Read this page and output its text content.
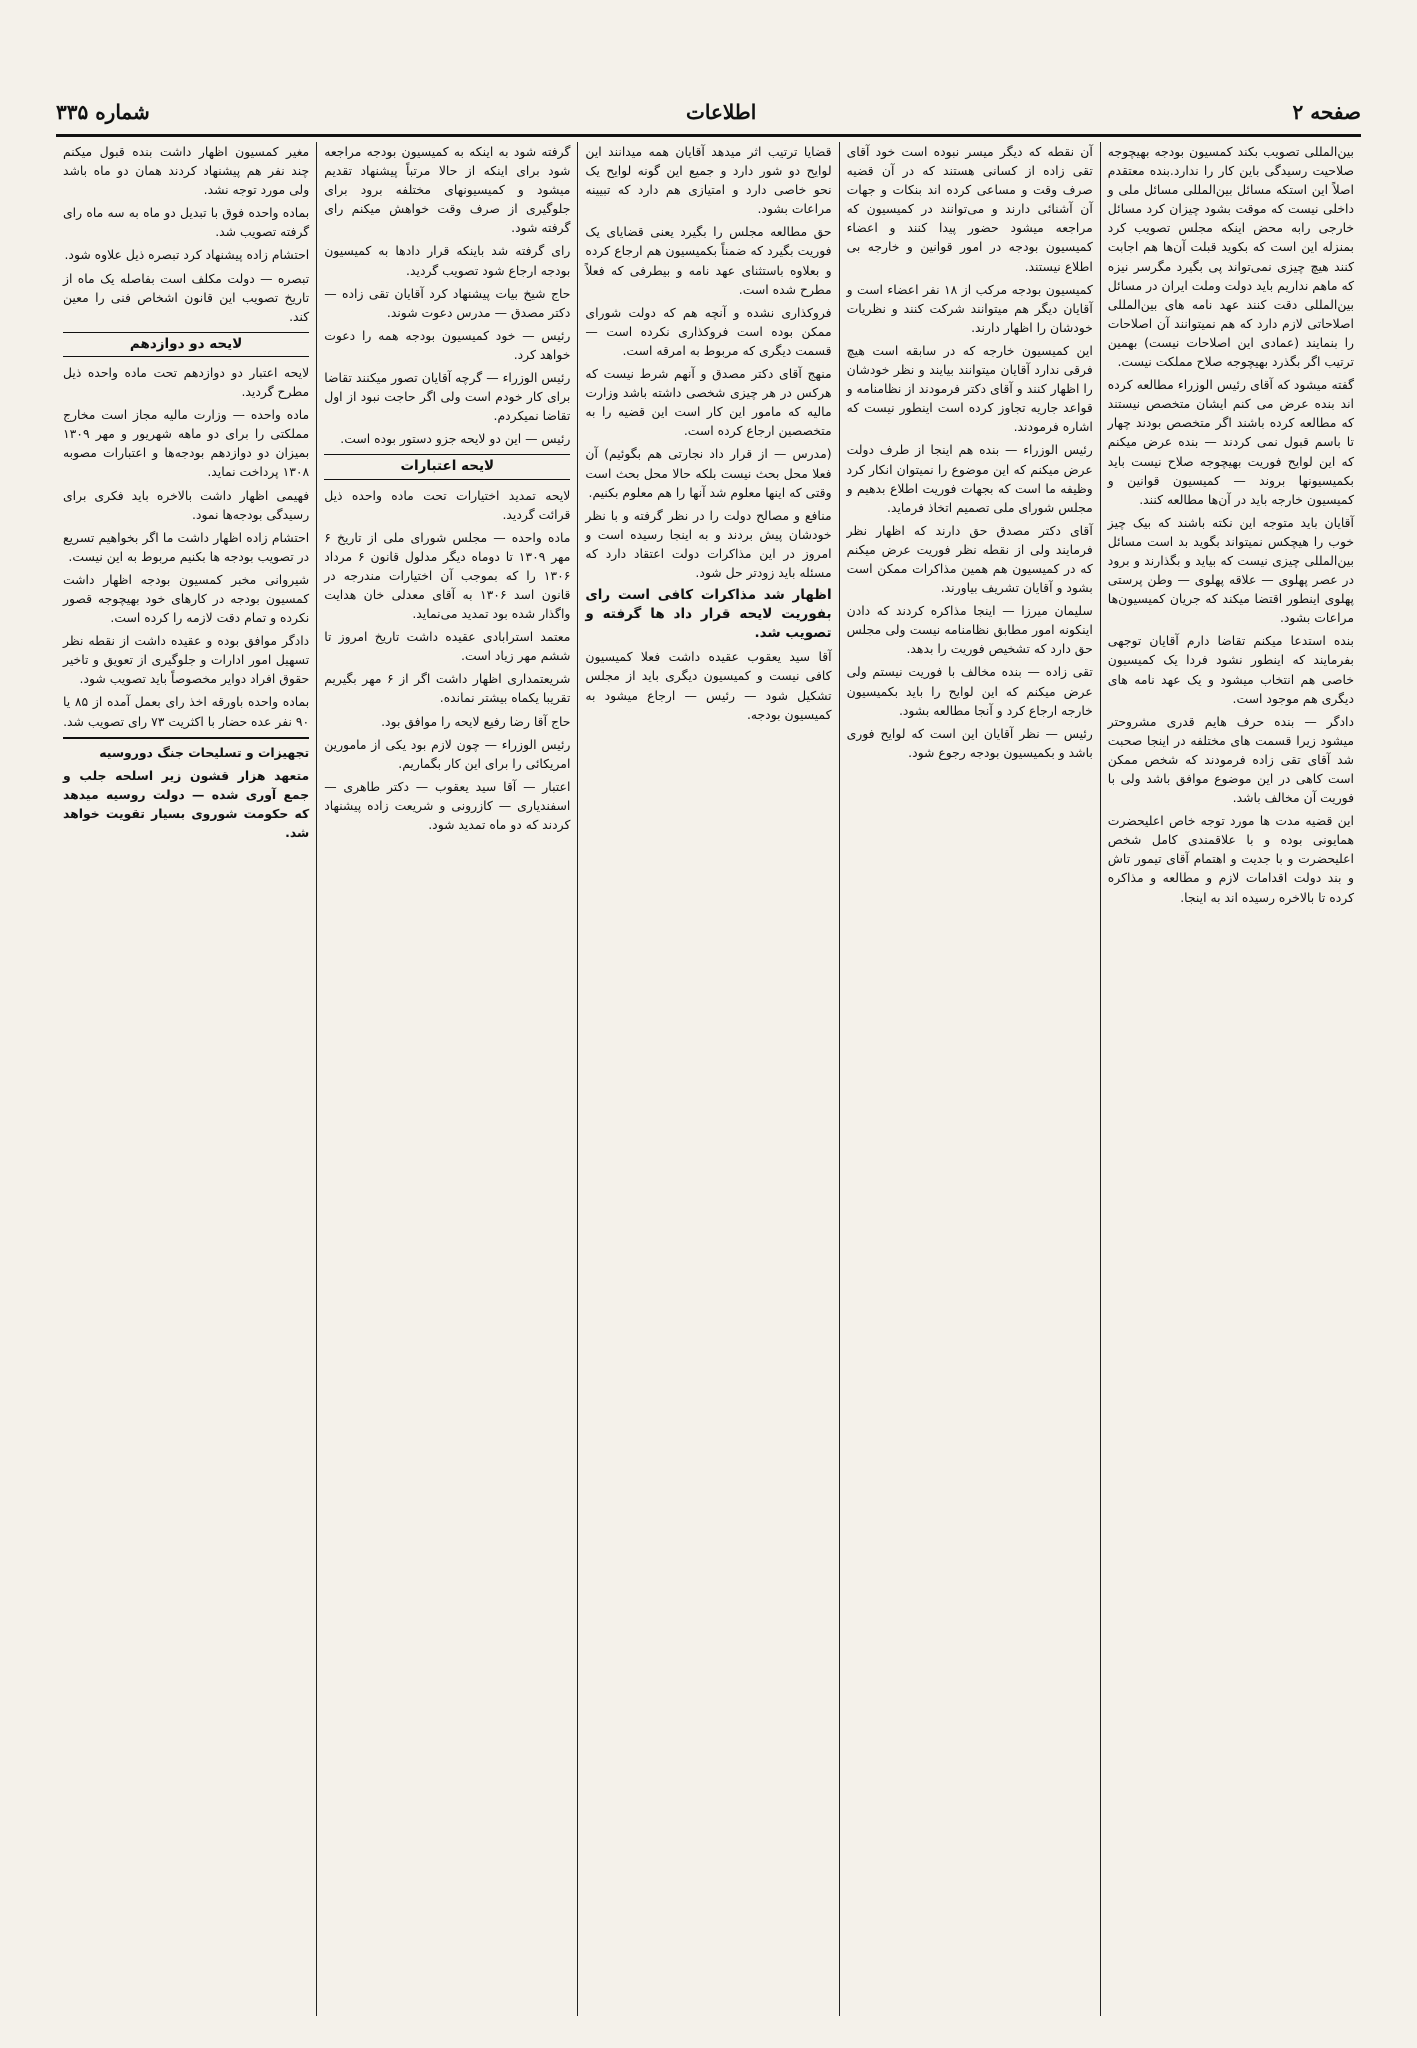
صفحه ۲
اطلاعات
شماره ۳۳۵

بین‌المللی تصویب بکند کمسیون بودجه بهیچوجه صلاحیت رسیدگی باین کار را ندارد.بنده معتقدم اصلاً این استکه مسائل بین‌المللی مسائل ملی و داخلی نیست که موقت بشود چیزان کرد مسائل خارجی رابه محض اینکه مجلس تصویب کرد بمنزله این است که بکوید قبلت آن‌ها هم اجابت کنند هیچ چیزی نمی‌تواند پی بگیرد مگرسر نیزه که ماهم نداریم باید دولت وملت ایران در مسائل بین‌المللی دقت کنند عهد نامه های بین‌المللی اصلاحاتی لازم دارد که هم نمیتوانند آن اصلاحات را بنمایند (عمادی این اصلاحات نیست) بهمین ترتیب اگر بگذرد بهیچوجه صلاح مملکت نیست.

گفته میشود که آقای رئیس الوزراء مطالعه کرده اند بنده عرض می کنم ایشان متخصص نیستند که مطالعه کرده باشند اگر متخصص بودند چهار تا باسم قبول نمی کردند — بنده عرض میکنم که این لوایح فوریت بهیچوجه صلاح نیست باید بکمیسیونها بروند — کمیسیون قوانین و کمیسیون خارجه باید در آن‌ها مطالعه کنند.

آقایان باید متوجه این نکته باشند که بیک چیز خوب را هیچکس نمیتواند بگوید بد است مسائل بین‌المللی چیزی نیست که بیاید و بگذارند و برود در عصر پهلوی — علاقه پهلوی — وطن پرستی پهلوی اینطور اقتضا میکند که جریان کمیسیون‌ها مراعات بشود.

بنده استدعا میکنم تقاضا دارم آقایان توجهی بفرمایند که اینطور نشود فردا یک کمیسیون خاصی هم انتخاب میشود و یک عهد نامه های دیگری هم موجود است.

دادگر — بنده حرف هایم قدری مشروحتر میشود زیرا قسمت های مختلفه در اینجا صحبت شد آقای تقی زاده فرمودند که شخص ممکن است کاهی در این موضوع موافق باشد ولی با فوریت آن مخالف باشد.

این قضیه مدت ها مورد توجه خاص اعلیحضرت همایونی بوده و با علاقمندی کامل شخص اعلیحضرت و با جدیت و اهتمام آقای تیمور تاش و بند دولت اقدامات لازم و مطالعه و مذاکره کرده تا بالاخره رسیده اند به اینجا.

آن نقطه که دیگر میسر نبوده است خود آقای تقی زاده از کسانی هستند که در آن قضیه صرف وقت و مساعی کرده اند بنکات و جهات آن آشنائی دارند و می‌توانند در کمیسیون که مراجعه میشود حضور پیدا کنند و اعضاء کمیسیون بودجه در امور قوانین و خارجه بی اطلاع نیستند.

کمیسیون بودجه مرکب از ۱۸ نفر اعضاء است و آقایان دیگر هم میتوانند شرکت کنند و نظریات خودشان را اظهار دارند.

این کمیسیون خارجه که در سابقه است هیچ فرقی ندارد آقایان میتوانند بیایند و نظر خودشان را اظهار کنند و آقای دکتر فرمودند از نظامنامه و قواعد جاریه تجاوز کرده است اینطور نیست که اشاره فرمودند.

رئیس الوزراء — بنده هم اینجا از طرف دولت عرض میکنم که این موضوع را نمیتوان انکار کرد وظیفه ما است که بجهات فوریت اطلاع بدهیم و مجلس شورای ملی تصمیم اتخاذ فرماید.

آقای دکتر مصدق حق دارند که اظهار نظر فرمایند ولی از نقطه نظر فوریت عرض میکنم که در کمیسیون هم همین مذاکرات ممکن است بشود و آقایان تشریف بیاورند.

سلیمان میرزا — اینجا مذاکره کردند که دادن اینکونه امور مطابق نظامنامه نیست ولی مجلس حق دارد که تشخیص فوریت را بدهد.

تقی زاده — بنده مخالف با فوریت نیستم ولی عرض میکنم که این لوایح را باید بکمیسیون خارجه ارجاع کرد و آنجا مطالعه بشود.

رئیس — نظر آقایان این است که لوایح فوری باشد و بکمیسیون بودجه رجوع شود.

قضایا ترتیب اثر میدهد آقایان همه میدانند این لوایح دو شور دارد و جمیع این گونه لوایح یک نحو خاصی دارد و امتیازی هم دارد که تبیینه مراعات بشود.

حق مطالعه مجلس را بگیرد یعنی قضایای یک فوریت بگیرد که ضمناً بکمیسیون هم ارجاع کرده و بعلاوه باستثنای عهد نامه و بیطرفی که فعلاً مطرح شده است.

فروکذاری نشده و آنچه هم که دولت شورای ممکن بوده است فروکذاری نکرده است — قسمت دیگری که مربوط به امرقه است.

منهج آقای دکتر مصدق و آنهم شرط نیست که هرکس در هر چیزی شخصی داشته باشد وزارت مالیه که مامور این کار است این قضیه را به متخصصین ارجاع کرده است.

(مدرس — از قرار داد نجارتی هم بگوئیم) آن فعلا محل بحث نیست بلکه حالا محل بحث است وقتی که اینها معلوم شد آنها را هم معلوم بکنیم.

منافع و مصالح دولت را در نظر گرفته و با نظر خودشان پیش بردند و به اینجا رسیده است و امروز در این مذاکرات دولت اعتقاد دارد که مسئله باید زودتر حل شود.

اظهار شد مذاکرات کافی است رای بفوریت لایحه قرار داد ها گرفته و تصویب شد.

آقا سید یعقوب عقیده داشت فعلا کمیسیون کافی نیست و کمیسیون دیگری باید از مجلس تشکیل شود — رئیس — ارجاع میشود به کمیسیون بودجه.

گرفته شود به اینکه به کمیسیون بودجه مراجعه شود برای اینکه از حالا مرتباً پیشنهاد تقدیم میشود و کمیسیونهای مختلفه برود برای جلوگیری از صرف وقت خواهش میکنم رای گرفته شود.

رای گرفته شد باینکه قرار دادها به کمیسیون بودجه ارجاع شود تصویب گردید.

حاج شیخ بیات پیشنهاد کرد آقایان تقی زاده — دکتر مصدق — مدرس دعوت شوند.

رئیس — خود کمیسیون بودجه همه را دعوت خواهد کرد.

رئیس الوزراء — گرچه آقایان تصور میکنند تقاضا برای کار خودم است ولی اگر حاجت نبود از اول تقاضا نمیکردم.

رئیس — این دو لایحه جزو دستور بوده است.

لایحه اعتبارات

لایحه تمدید اختیارات تحت ماده واحده ذیل قرائت گردید.

ماده واحده — مجلس شورای ملی از تاریخ ۶ مهر ۱۳۰۹ تا دوماه دیگر مدلول قانون ۶ مرداد ۱۳۰۶ را که بموجب آن اختیارات مندرجه در قانون اسد ۱۳۰۶ به آقای معدلی خان هدایت واگذار شده بود تمدید می‌نماید.

معتمد استرابادی عقیده داشت تاریخ امروز تا ششم مهر زیاد است.

شریعتمداری اظهار داشت اگر از ۶ مهر بگیریم تقریبا یکماه بیشتر نمانده.

حاج آقا رضا رفیع لایحه را موافق بود.

رئیس الوزراء — چون لازم بود یکی از مامورین امریکائی را برای این کار بگماریم.

اعتبار — آقا سید یعقوب — دکتر طاهری — اسفندیاری — کازرونی و شریعت زاده پیشنهاد کردند که دو ماه تمدید شود.

مغیر کمسیون اظهار داشت بنده قبول میکنم چند نفر هم پیشنهاد کردند همان دو ماه باشد ولی مورد توجه نشد.

بماده واحده فوق با تبدیل دو ماه به سه ماه رای گرفته تصویب شد.

احتشام زاده پیشنهاد کرد تبصره ذیل علاوه شود.

تبصره — دولت مکلف است بفاصله یک ماه از تاریخ تصویب این قانون اشخاص فنی را معین کند.

لایحه دو دوازدهم

لایحه اعتبار دو دوازدهم تحت ماده واحده ذیل مطرح گردید.

ماده واحده — وزارت مالیه مجاز است مخارج مملکتی را برای دو ماهه شهریور و مهر ۱۳۰۹ بمیزان دو دوازدهم بودجه‌ها و اعتبارات مصوبه ۱۳۰۸ پرداخت نماید.

فهیمی اظهار داشت بالاخره باید فکری برای رسیدگی بودجه‌ها نمود.

احتشام زاده اظهار داشت ما اگر بخواهیم تسریع در تصویب بودجه ها بکنیم مربوط به این نیست.

شیروانی مخبر کمسیون بودجه اظهار داشت کمسیون بودجه در کارهای خود بهیچوجه قصور نکرده و تمام دقت لازمه را کرده است.

دادگر موافق بوده و عقیده داشت از نقطه نظر تسهیل امور ادارات و جلوگیری از تعویق و تاخیر حقوق افراد دوایر مخصوصاً باید تصویب شود.

بماده واحده باورقه اخذ رای بعمل آمده از ۸۵ یا ۹۰ نفر عده حضار با اکثریت ۷۳ رای تصویب شد.

تجهیزات و تسلیحات جنگ دوروسیه

متعهد هزار قشون زیر اسلحه جلب و جمع آوری شده — دولت روسیه میدهد که حکومت شوروی بسیار تقویت خواهد شد.
